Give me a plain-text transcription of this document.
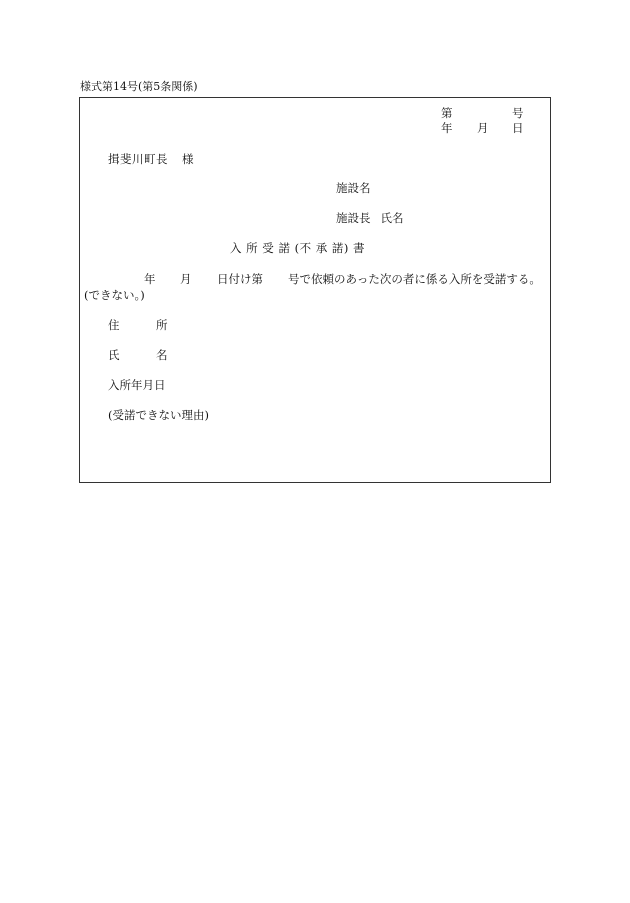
様式第14号(第5条関係)
第	号
年 月 日
揖斐川町長 様
施設名
施設長 氏名
入 所 受 諾 (不 承 諾) 書
年 月 日付け第 号で依頼のあった次の者に係る入所を受諾する。
(できない。)
住	所
氏	名
入所年月日
(受諾できない理由)
